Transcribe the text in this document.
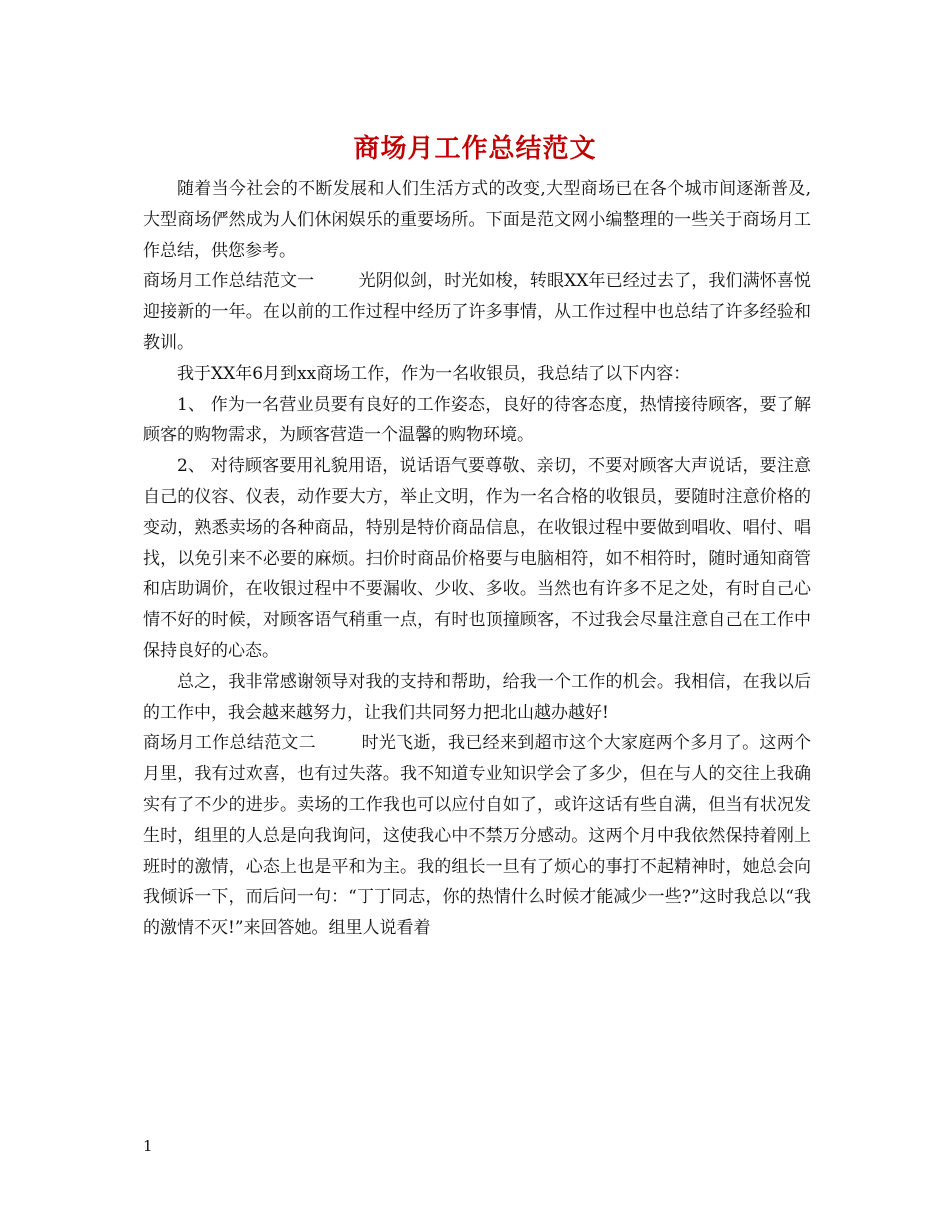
商场月工作总结范文

随着当今社会的不断发展和人们生活方式的改变,大型商场已在各个城市间逐渐普及,大型商场俨然成为人们休闲娱乐的重要场所。下面是范文网小编整理的一些关于商场月工作总结，供您参考。

商场月工作总结范文一	光阴似剑，时光如梭，转眼XX年已经过去了，我们满怀喜悦迎接新的一年。在以前的工作过程中经历了许多事情，从工作过程中也总结了许多经验和教训。

我于XX年6月到xx商场工作，作为一名收银员，我总结了以下内容：

1、 作为一名营业员要有良好的工作姿态，良好的待客态度，热情接待顾客，要了解顾客的购物需求，为顾客营造一个温馨的购物环境。

2、 对待顾客要用礼貌用语，说话语气要尊敬、亲切，不要对顾客大声说话，要注意自己的仪容、仪表，动作要大方，举止文明，作为一名合格的收银员，要随时注意价格的变动，熟悉卖场的各种商品，特别是特价商品信息，在收银过程中要做到唱收、唱付、唱找，以免引来不必要的麻烦。扫价时商品价格要与电脑相符，如不相符时，随时通知商管和店助调价，在收银过程中不要漏收、少收、多收。当然也有许多不足之处，有时自己心情不好的时候，对顾客语气稍重一点，有时也顶撞顾客，不过我会尽量注意自己在工作中保持良好的心态。

总之，我非常感谢领导对我的支持和帮助，给我一个工作的机会。我相信，在我以后的工作中，我会越来越努力，让我们共同努力把北山越办越好!

商场月工作总结范文二	时光飞逝，我已经来到超市这个大家庭两个多月了。这两个月里，我有过欢喜，也有过失落。我不知道专业知识学会了多少，但在与人的交往上我确实有了不少的进步。卖场的工作我也可以应付自如了，或许这话有些自满，但当有状况发生时，组里的人总是向我询问，这使我心中不禁万分感动。这两个月中我依然保持着刚上班时的激情，心态上也是平和为主。我的组长一旦有了烦心的事打不起精神时，她总会向我倾诉一下，而后问一句：“丁丁同志，你的热情什么时候才能减少一些?”这时我总以“我的激情不灭!”来回答她。组里人说看着

1
